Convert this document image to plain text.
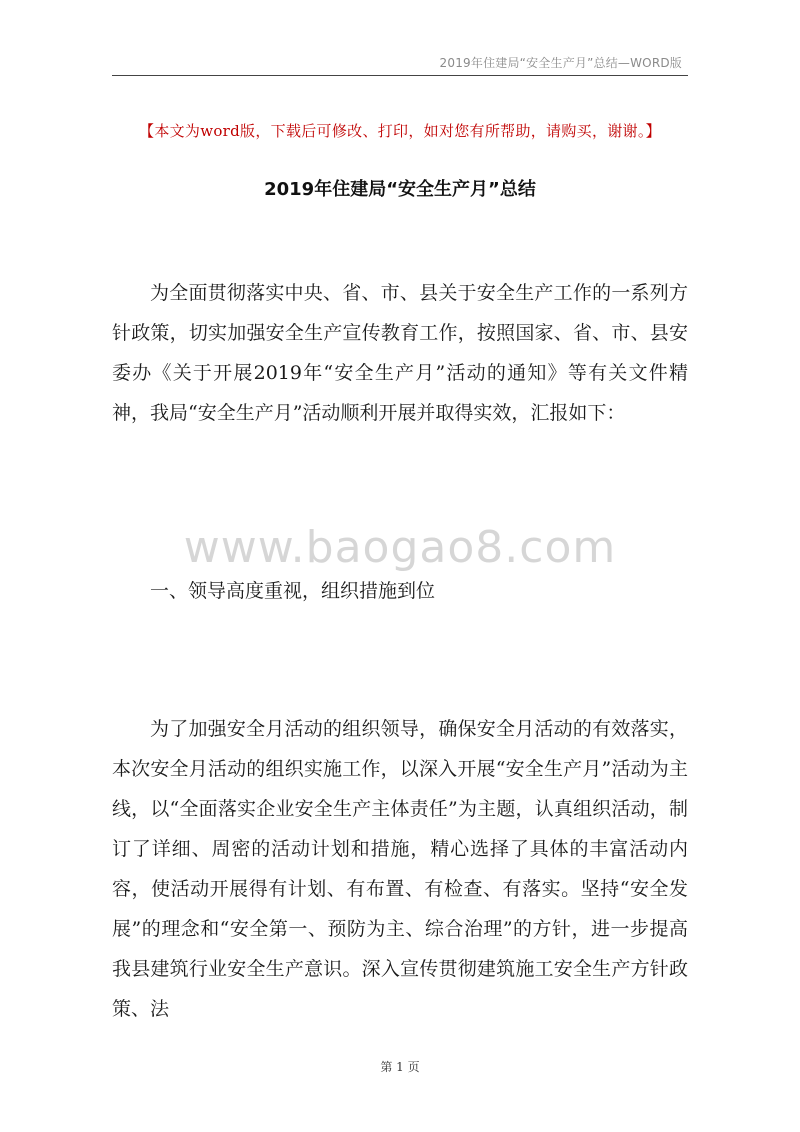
2019年住建局“安全生产月”总结—WORD版
【本文为word版，下载后可修改、打印，如对您有所帮助，请购买，谢谢。】
2019年住建局“安全生产月”总结
为全面贯彻落实中央、省、市、县关于安全生产工作的一系列方针政策，切实加强安全生产宣传教育工作，按照国家、省、市、县安委办《关于开展2019年“安全生产月”活动的通知》等有关文件精神，我局“安全生产月”活动顺利开展并取得实效，汇报如下：
www.baogao8.com
一、领导高度重视，组织措施到位
为了加强安全月活动的组织领导，确保安全月活动的有效落实，本次安全月活动的组织实施工作，以深入开展“安全生产月”活动为主线，以“全面落实企业安全生产主体责任”为主题，认真组织活动，制订了详细、周密的活动计划和措施，精心选择了具体的丰富活动内容，使活动开展得有计划、有布置、有检查、有落实。坚持“安全发展”的理念和“安全第一、预防为主、综合治理”的方针，进一步提高我县建筑行业安全生产意识。深入宣传贯彻建筑施工安全生产方针政策、法
第 1 页
